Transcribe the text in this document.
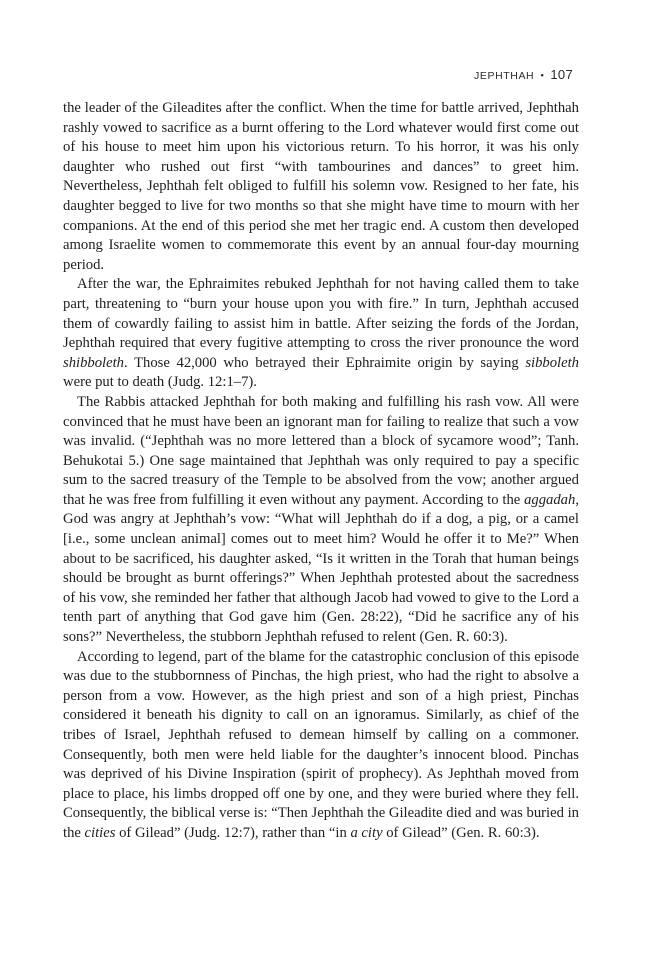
JEPHTHAH • 107

the leader of the Gileadites after the conflict. When the time for battle arrived, Jephthah rashly vowed to sacrifice as a burnt offering to the Lord whatever would first come out of his house to meet him upon his victorious return. To his horror, it was his only daughter who rushed out first “with tambourines and dances” to greet him. Nevertheless, Jephthah felt obliged to fulfill his solemn vow. Resigned to her fate, his daughter begged to live for two months so that she might have time to mourn with her companions. At the end of this period she met her tragic end. A custom then developed among Israelite women to commemorate this event by an annual four-day mourning period.

After the war, the Ephraimites rebuked Jephthah for not having called them to take part, threatening to “burn your house upon you with fire.” In turn, Jephthah accused them of cowardly failing to assist him in battle. After seizing the fords of the Jordan, Jephthah required that every fugitive attempting to cross the river pronounce the word shibboleth. Those 42,000 who betrayed their Ephraimite origin by saying sibboleth were put to death (Judg. 12:1–7).

The Rabbis attacked Jephthah for both making and fulfilling his rash vow. All were convinced that he must have been an ignorant man for failing to realize that such a vow was invalid. (“Jephthah was no more lettered than a block of sycamore wood”; Tanh. Behukotai 5.) One sage maintained that Jephthah was only required to pay a specific sum to the sacred treasury of the Temple to be absolved from the vow; another argued that he was free from fulfilling it even without any payment. According to the aggadah, God was angry at Jephthah’s vow: “What will Jephthah do if a dog, a pig, or a camel [i.e., some unclean animal] comes out to meet him? Would he offer it to Me?” When about to be sacrificed, his daughter asked, “Is it written in the Torah that human beings should be brought as burnt offerings?” When Jephthah protested about the sacredness of his vow, she reminded her father that although Jacob had vowed to give to the Lord a tenth part of anything that God gave him (Gen. 28:22), “Did he sacrifice any of his sons?” Nevertheless, the stubborn Jephthah refused to relent (Gen. R. 60:3).

According to legend, part of the blame for the catastrophic conclusion of this episode was due to the stubbornness of Pinchas, the high priest, who had the right to absolve a person from a vow. However, as the high priest and son of a high priest, Pinchas considered it beneath his dignity to call on an ignoramus. Similarly, as chief of the tribes of Israel, Jephthah refused to demean himself by calling on a commoner. Consequently, both men were held liable for the daughter’s innocent blood. Pinchas was deprived of his Divine Inspiration (spirit of prophecy). As Jephthah moved from place to place, his limbs dropped off one by one, and they were buried where they fell. Consequently, the biblical verse is: “Then Jephthah the Gileadite died and was buried in the cities of Gilead” (Judg. 12:7), rather than “in a city of Gilead” (Gen. R. 60:3).
